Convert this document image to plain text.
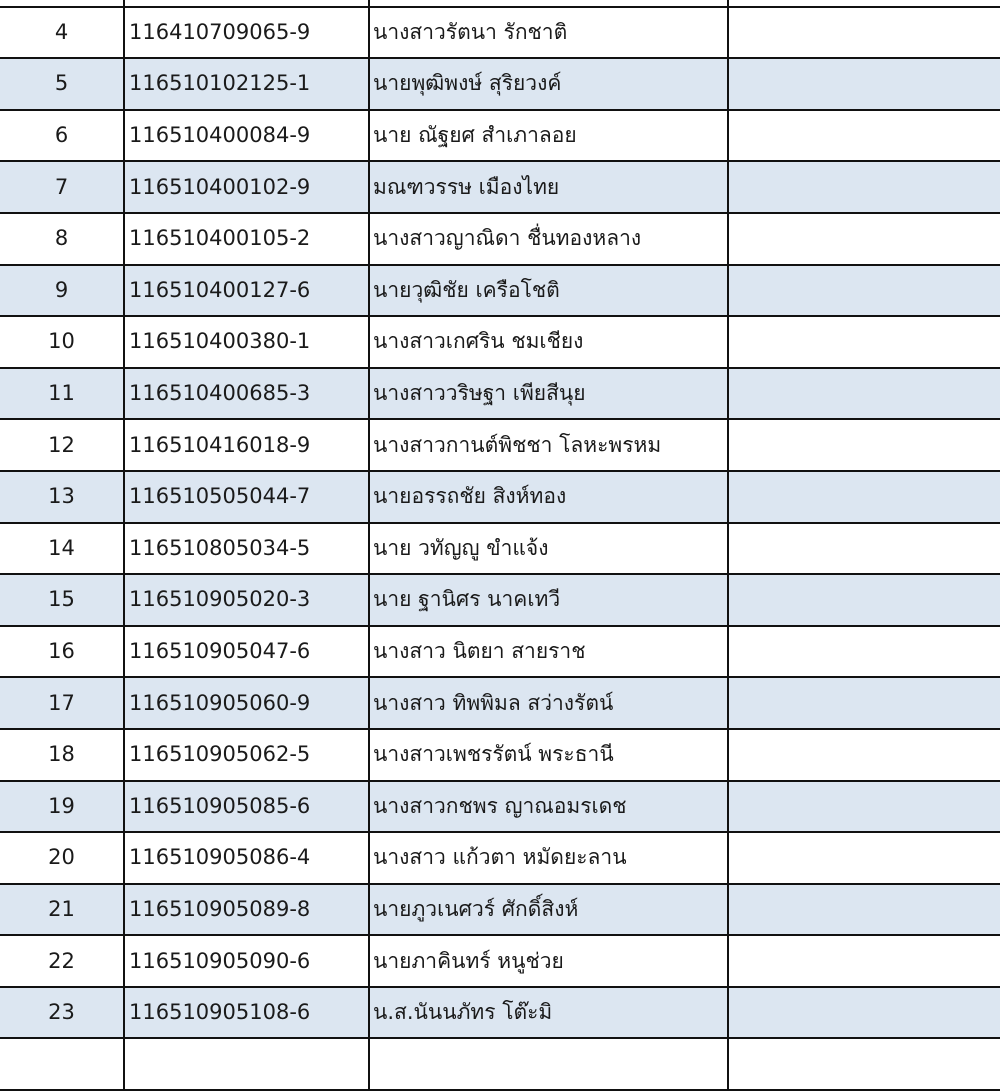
4	116410709065-9	นางสาวรัตนา รักชาติ	
5	116510102125-1	นายพุฒิพงษ์ สุริยวงค์	
6	116510400084-9	นาย ณัฐยศ สำเภาลอย	
7	116510400102-9	มณฑวรรษ เมืองไทย	
8	116510400105-2	นางสาวญาณิดา ชื่นทองหลาง	
9	116510400127-6	นายวุฒิชัย เครือโชติ	
10	116510400380-1	นางสาวเกศริน ชมเชียง	
11	116510400685-3	นางสาววริษฐา เพียสีนุย	
12	116510416018-9	นางสาวกานต์พิชชา โลหะพรหม	
13	116510505044-7	นายอรรถชัย สิงห์ทอง	
14	116510805034-5	นาย วทัญญู ขำแจ้ง	
15	116510905020-3	นาย ฐานิศร นาคเทวี	
16	116510905047-6	นางสาว นิตยา สายราช	
17	116510905060-9	นางสาว ทิพพิมล สว่างรัตน์	
18	116510905062-5	นางสาวเพชรรัตน์ พระธานี	
19	116510905085-6	นางสาวกชพร ญาณอมรเดช	
20	116510905086-4	นางสาว แก้วตา หมัดยะลาน	
21	116510905089-8	นายภูวเนศวร์ ศักดิ์สิงห์	
22	116510905090-6	นายภาคินทร์ หนูช่วย	
23	116510905108-6	น.ส.นันนภัทร โต๊ะมิ	
